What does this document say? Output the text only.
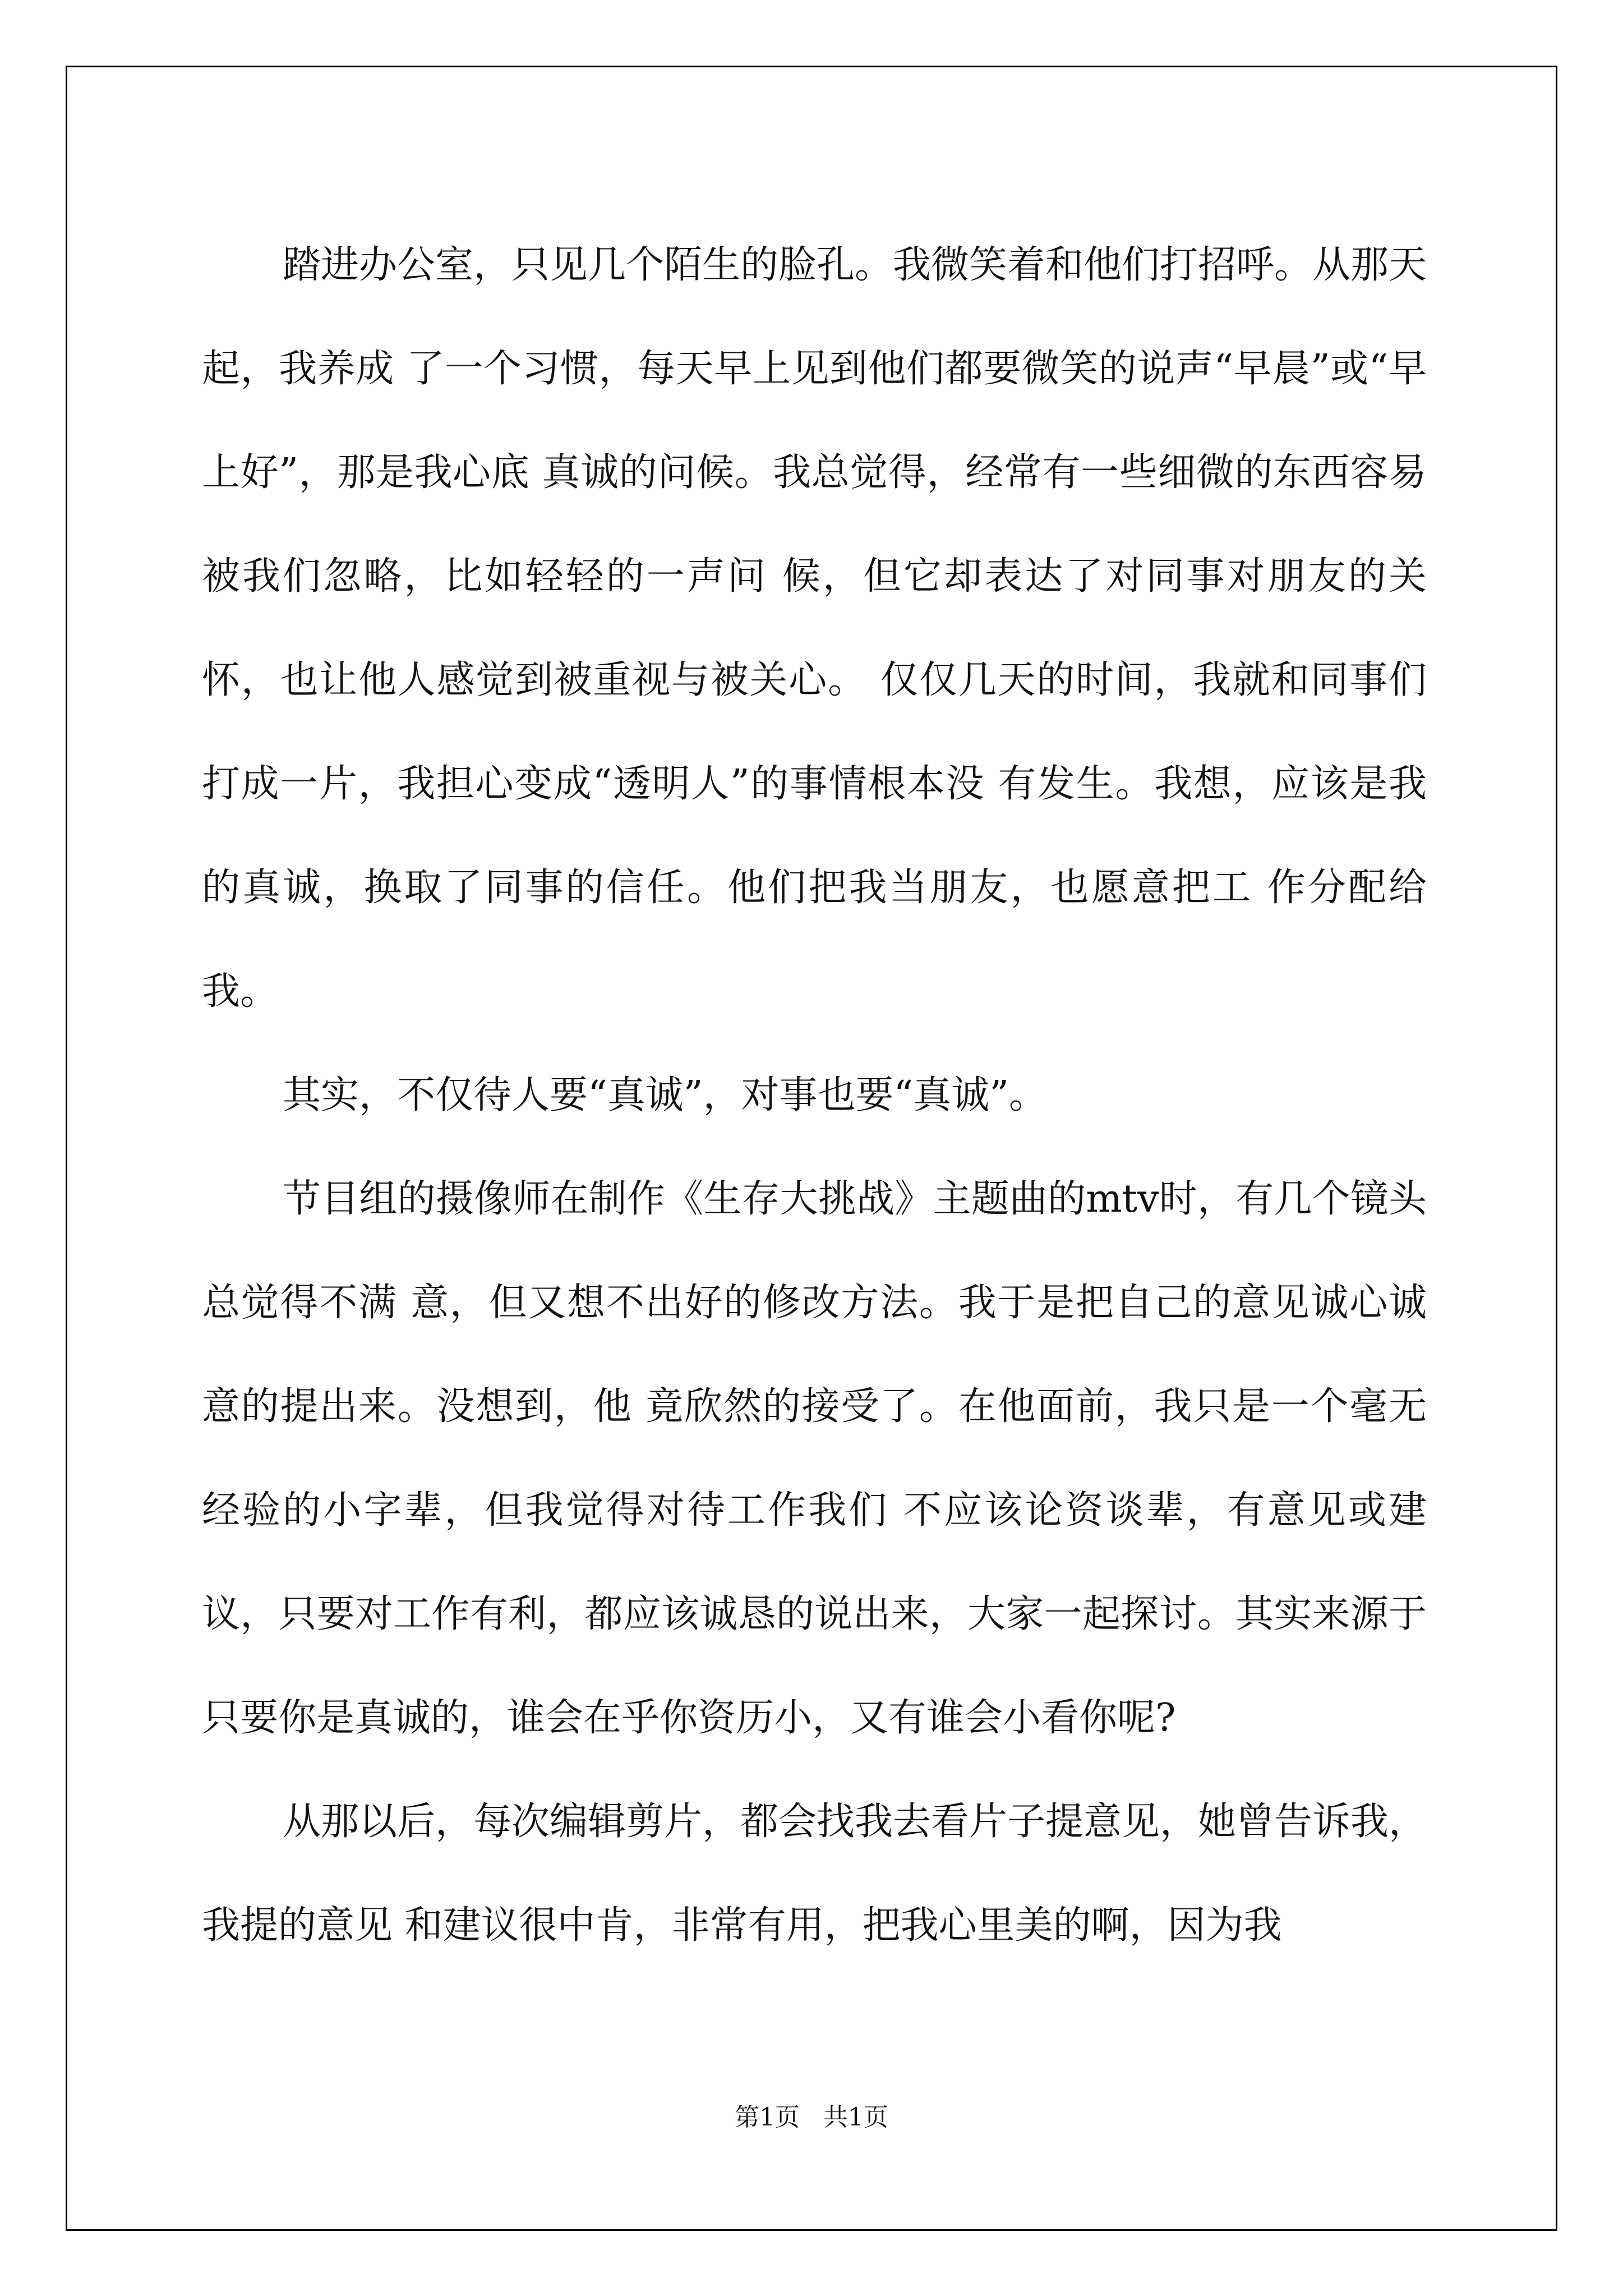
踏进办公室，只见几个陌生的脸孔。我微笑着和他们打招呼。从那天起，我养成 了一个习惯，每天早上见到他们都要微笑的说声“早晨”或“早上好”，那是我心底 真诚的问候。我总觉得，经常有一些细微的东西容易被我们忽略，比如轻轻的一声问 候，但它却表达了对同事对朋友的关怀，也让他人感觉到被重视与被关心。 仅仅几天的时间，我就和同事们打成一片，我担心变成“透明人”的事情根本没 有发生。我想，应该是我的真诚，换取了同事的信任。他们把我当朋友，也愿意把工 作分配给我。

其实，不仅待人要“真诚”，对事也要“真诚”。

节目组的摄像师在制作《生存大挑战》主题曲的mtv时，有几个镜头总觉得不满 意，但又想不出好的修改方法。我于是把自己的意见诚心诚意的提出来。没想到，他 竟欣然的接受了。在他面前，我只是一个毫无经验的小字辈，但我觉得对待工作我们 不应该论资谈辈，有意见或建议，只要对工作有利，都应该诚恳的说出来，大家一起探讨。其实来源于只要你是真诚的，谁会在乎你资历小，又有谁会小看你呢?

从那以后，每次编辑剪片，都会找我去看片子提意见，她曾告诉我，我提的意见 和建议很中肯，非常有用，把我心里美的啊，因为我

第1页   共1页
